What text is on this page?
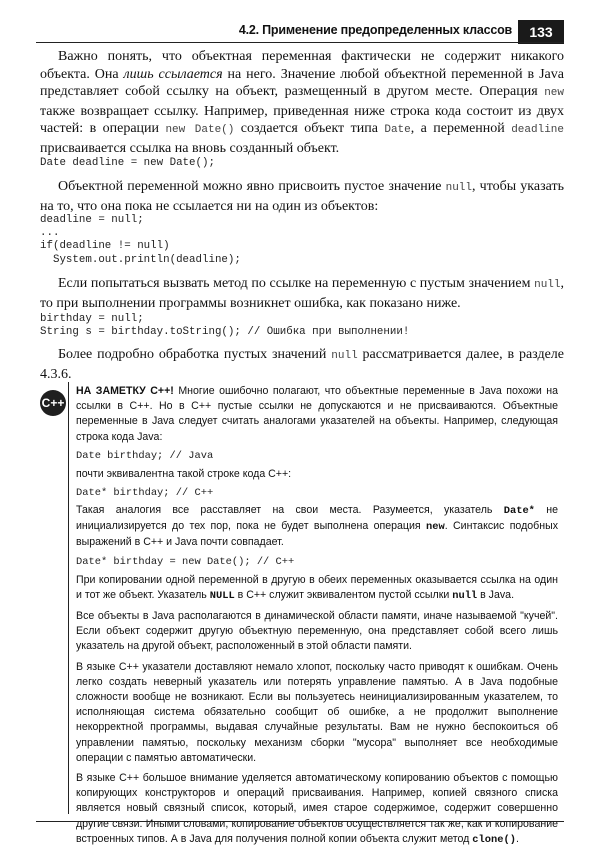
4.2. Применение предопределенных классов	133

Важно понять, что объектная переменная фактически не содержит никакого объекта. Она лишь ссылается на него. Значение любой объектной переменной в Java представляет собой ссылку на объект, размещенный в другом месте. Операция new также возвращает ссылку. Например, приведенная ниже строка кода состоит из двух частей: в операции new Date() создается объект типа Date, а переменной deadline присваивается ссылка на вновь созданный объект.

Date deadline = new Date();

Объектной переменной можно явно присвоить пустое значение null, чтобы указать на то, что она пока не ссылается ни на один из объектов:

deadline = null;
...
if(deadline != null)
System.out.println(deadline);

Если попытаться вызвать метод по ссылке на переменную с пустым значением null, то при выполнении программы возникнет ошибка, как показано ниже.

birthday = null;
String s = birthday.toString(); // Ошибка при выполнении!

Более подробно обработка пустых значений null рассматривается далее, в разделе 4.3.6.

C++

НА ЗАМЕТКУ C++! Многие ошибочно полагают, что объектные переменные в Java похожи на ссылки в C++. Но в C++ пустые ссылки не допускаются и не присваиваются. Объектные переменные в Java следует считать аналогами указателей на объекты. Например, следующая строка кода Java:

Date birthday; // Java

почти эквивалентна такой строке кода C++:

Date* birthday; // C++

Такая аналогия все расставляет на свои места. Разумеется, указатель Date* не инициализируется до тех пор, пока не будет выполнена операция new. Синтаксис подобных выражений в C++ и Java почти совпадает.

Date* birthday = new Date(); // C++

При копировании одной переменной в другую в обеих переменных оказывается ссылка на один и тот же объект. Указатель NULL в C++ служит эквивалентом пустой ссылки null в Java.

Все объекты в Java располагаются в динамической области памяти, иначе называемой "кучей". Если объект содержит другую объектную переменную, она представляет собой всего лишь указатель на другой объект, расположенный в этой области памяти.

В языке C++ указатели доставляют немало хлопот, поскольку часто приводят к ошибкам. Очень легко создать неверный указатель или потерять управление памятью. А в Java подобные сложности вообще не возникают. Если вы пользуетесь неинициализированным указателем, то исполняющая система обязательно сообщит об ошибке, а не продолжит выполнение некорректной программы, выдавая случайные результаты. Вам не нужно беспокоиться об управлении памятью, поскольку механизм сборки "мусора" выполняет все необходимые операции с памятью автоматически.

В языке C++ большое внимание уделяется автоматическому копированию объектов с помощью копирующих конструкторов и операций присваивания. Например, копией связного списка является новый связный список, который, имея старое содержимое, содержит совершенно другие связи. Иными словами, копирование объектов осуществляется так же, как и копирование встроенных типов. А в Java для получения полной копии объекта служит метод clone().
